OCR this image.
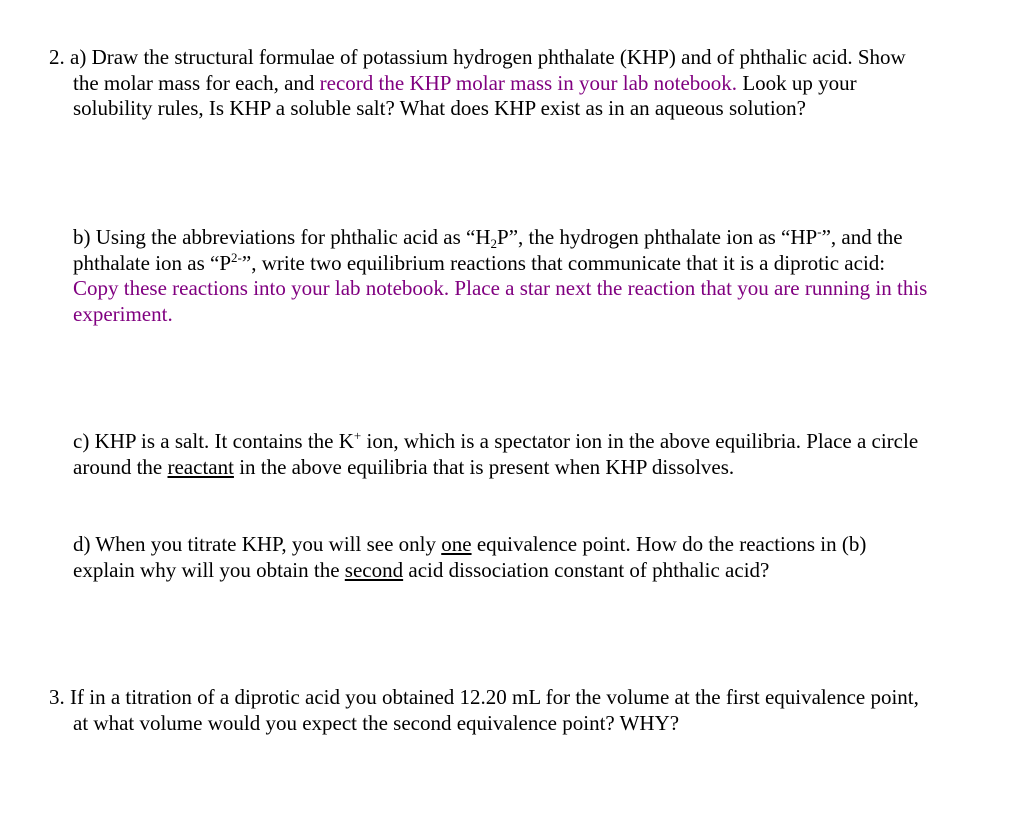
2. a) Draw the structural formulae of potassium hydrogen phthalate (KHP) and of phthalic acid. Show
the molar mass for each, and record the KHP molar mass in your lab notebook. Look up your
solubility rules, Is KHP a soluble salt? What does KHP exist as in an aqueous solution?
b) Using the abbreviations for phthalic acid as “$H_2P$”, the hydrogen phthalate ion as “HP-”, and the
phthalate ion as “$P^{2-}$”, write two equilibrium reactions that communicate that it is a diprotic acid:
Copy these reactions into your lab notebook. Place a star next the reaction that you are running in this
experiment.
c) KHP is a salt. It contains the K+ ion, which is a spectator ion in the above equilibria. Place a circle
around the reactant in the above equilibria that is present when KHP dissolves.
d) When you titrate KHP, you will see only one equivalence point. How do the reactions in (b)
explain why will you obtain the second acid dissociation constant of phthalic acid?
3. If in a titration of a diprotic acid you obtained 12.20 mL for the volume at the first equivalence point,
at what volume would you expect the second equivalence point? WHY?
